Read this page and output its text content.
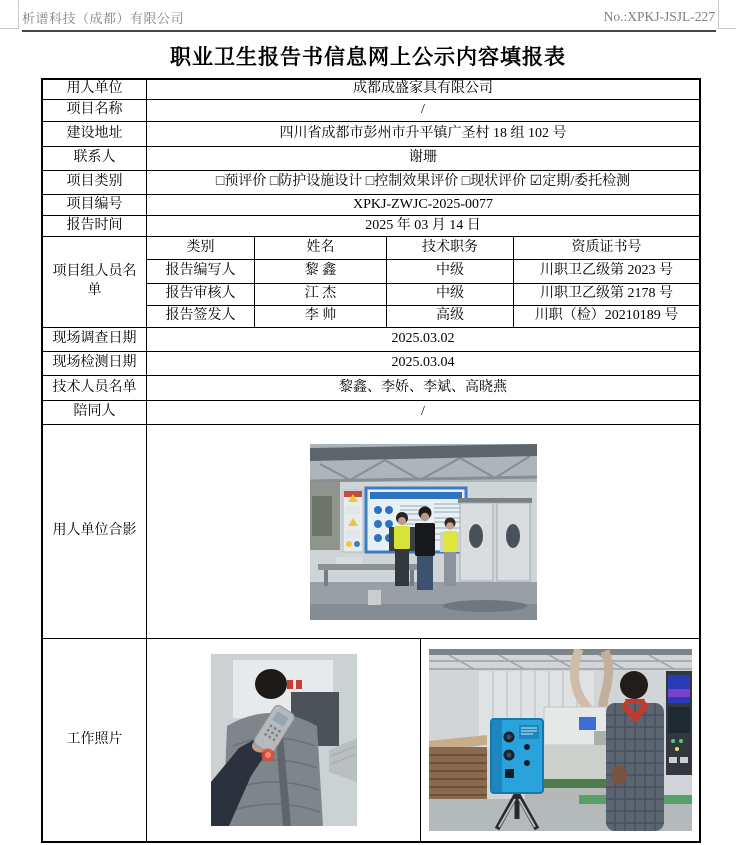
析谱科技（成都）有限公司	No.:XPKJ-JSJL-227
职业卫生报告书信息网上公示内容填报表
用人单位	成都成盛家具有限公司
项目名称	/
建设地址	四川省成都市彭州市升平镇广圣村 18 组 102 号
联系人	谢珊
项目类别	□预评价 □防护设施设计 □控制效果评价 □现状评价 ☑定期/委托检测
项目编号	XPKJ-ZWJC-2025-0077
报告时间	2025 年 03 月 14 日
项目组人员名单
类别	姓名	技术职务	资质证书号
报告编写人	黎 鑫	中级	川职卫乙级第 2023 号
报告审核人	江 杰	中级	川职卫乙级第 2178 号
报告签发人	李 帅	高级	川职（检）20210189 号
现场调查日期	2025.03.02
现场检测日期	2025.03.04
技术人员名单	黎鑫、李娇、李斌、高晓燕
陪同人	/
用人单位合影
工作照片
